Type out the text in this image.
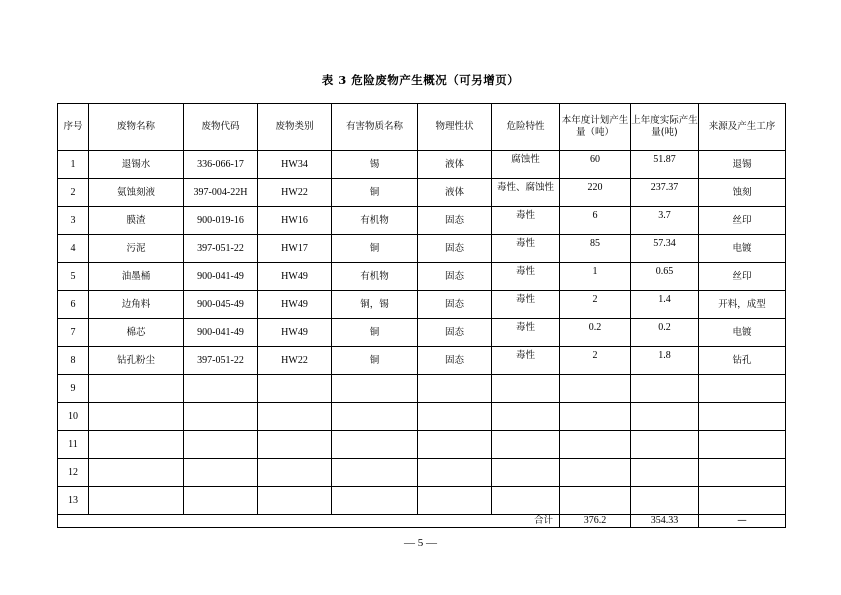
表 3 危险废物产生概况（可另增页）
序号	废物名称	废物代码	废物类别	有害物质名称	物理性状	危险特性	本年度计划产生量（吨）	上年度实际产生量(吨)	来源及产生工序
1	退锡水	336-066-17	HW34	锡	液体	腐蚀性	60	51.87	退锡
2	氨蚀刻液	397-004-22H	HW22	铜	液体	毒性、腐蚀性	220	237.37	蚀刻
3	膜渣	900-019-16	HW16	有机物	固态	毒性	6	3.7	丝印
4	污泥	397-051-22	HW17	铜	固态	毒性	85	57.34	电镀
5	油墨桶	900-041-49	HW49	有机物	固态	毒性	1	0.65	丝印
6	边角料	900-045-49	HW49	铜，锡	固态	毒性	2	1.4	开料，成型
7	棉芯	900-041-49	HW49	铜	固态	毒性	0.2	0.2	电镀
8	钻孔粉尘	397-051-22	HW22	铜	固态	毒性	2	1.8	钻孔
9									
10									
11									
12									
13									
合计							376.2	354.33	—
— 5 —
